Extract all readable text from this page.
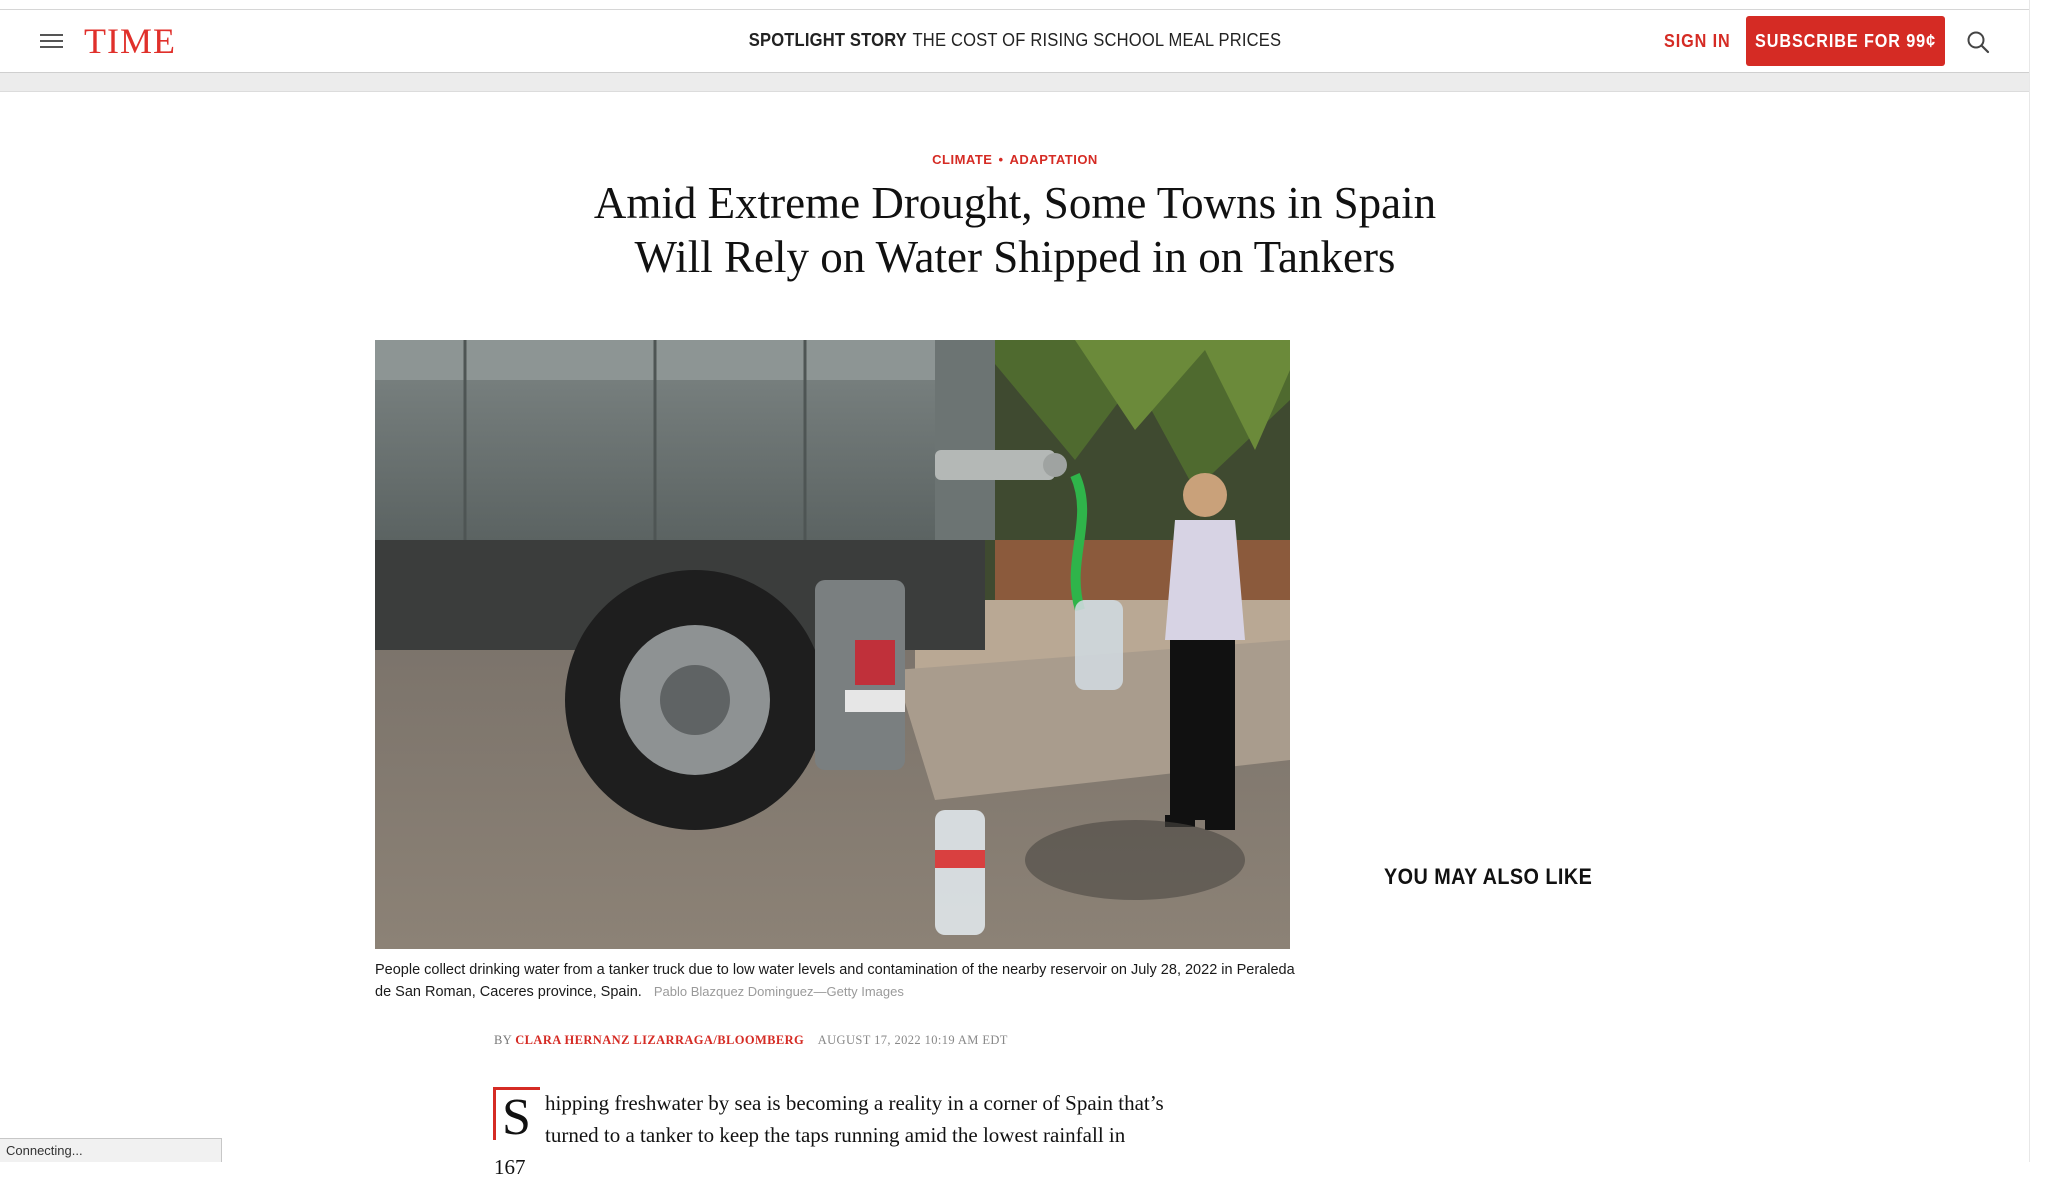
TIME	SPOTLIGHT STORY THE COST OF RISING SCHOOL MEAL PRICES	SIGN IN SUBSCRIBE FOR 99¢
CLIMATE • ADAPTATION
Amid Extreme Drought, Some Towns in Spain
Will Rely on Water Shipped in on Tankers
People collect drinking water from a tanker truck due to low water levels and contamination of the nearby reservoir on July 28, 2022 in Peraleda de San Roman, Caceres province, Spain. Pablo Blazquez Dominguez—Getty Images
BY CLARA HERNANZ LIZARRAGA/BLOOMBERG AUGUST 17, 2022 10:19 AM EDT
S hipping freshwater by sea is becoming a reality in a corner of Spain that’s
turned to a tanker to keep the taps running amid the lowest rainfall in
167
YOU MAY ALSO LIKE
Connecting...
